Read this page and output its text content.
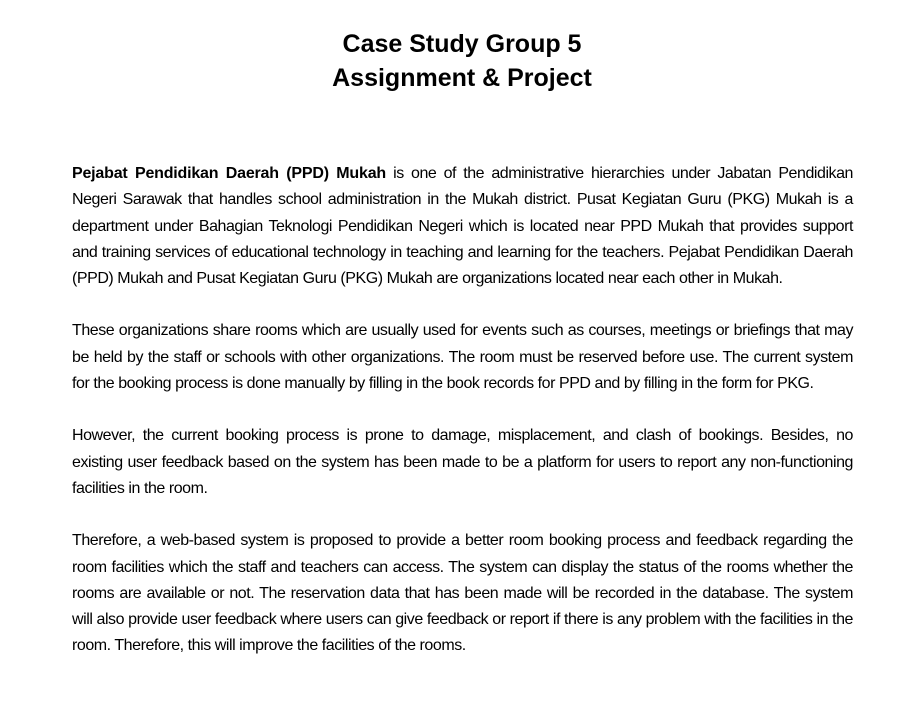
Case Study Group 5
Assignment & Project

Pejabat Pendidikan Daerah (PPD) Mukah is one of the administrative hierarchies under Jabatan Pendidikan Negeri Sarawak that handles school administration in the Mukah district. Pusat Kegiatan Guru (PKG) Mukah is a department under Bahagian Teknologi Pendidikan Negeri which is located near PPD Mukah that provides support and training services of educational technology in teaching and learning for the teachers. Pejabat Pendidikan Daerah (PPD) Mukah and Pusat Kegiatan Guru (PKG) Mukah are organizations located near each other in Mukah.

These organizations share rooms which are usually used for events such as courses, meetings or briefings that may be held by the staff or schools with other organizations. The room must be reserved before use. The current system for the booking process is done manually by filling in the book records for PPD and by filling in the form for PKG.

However, the current booking process is prone to damage, misplacement, and clash of bookings. Besides, no existing user feedback based on the system has been made to be a platform for users to report any non-functioning facilities in the room.

Therefore, a web-based system is proposed to provide a better room booking process and feedback regarding the room facilities which the staff and teachers can access. The system can display the status of the rooms whether the rooms are available or not. The reservation data that has been made will be recorded in the database. The system will also provide user feedback where users can give feedback or report if there is any problem with the facilities in the room. Therefore, this will improve the facilities of the rooms.
